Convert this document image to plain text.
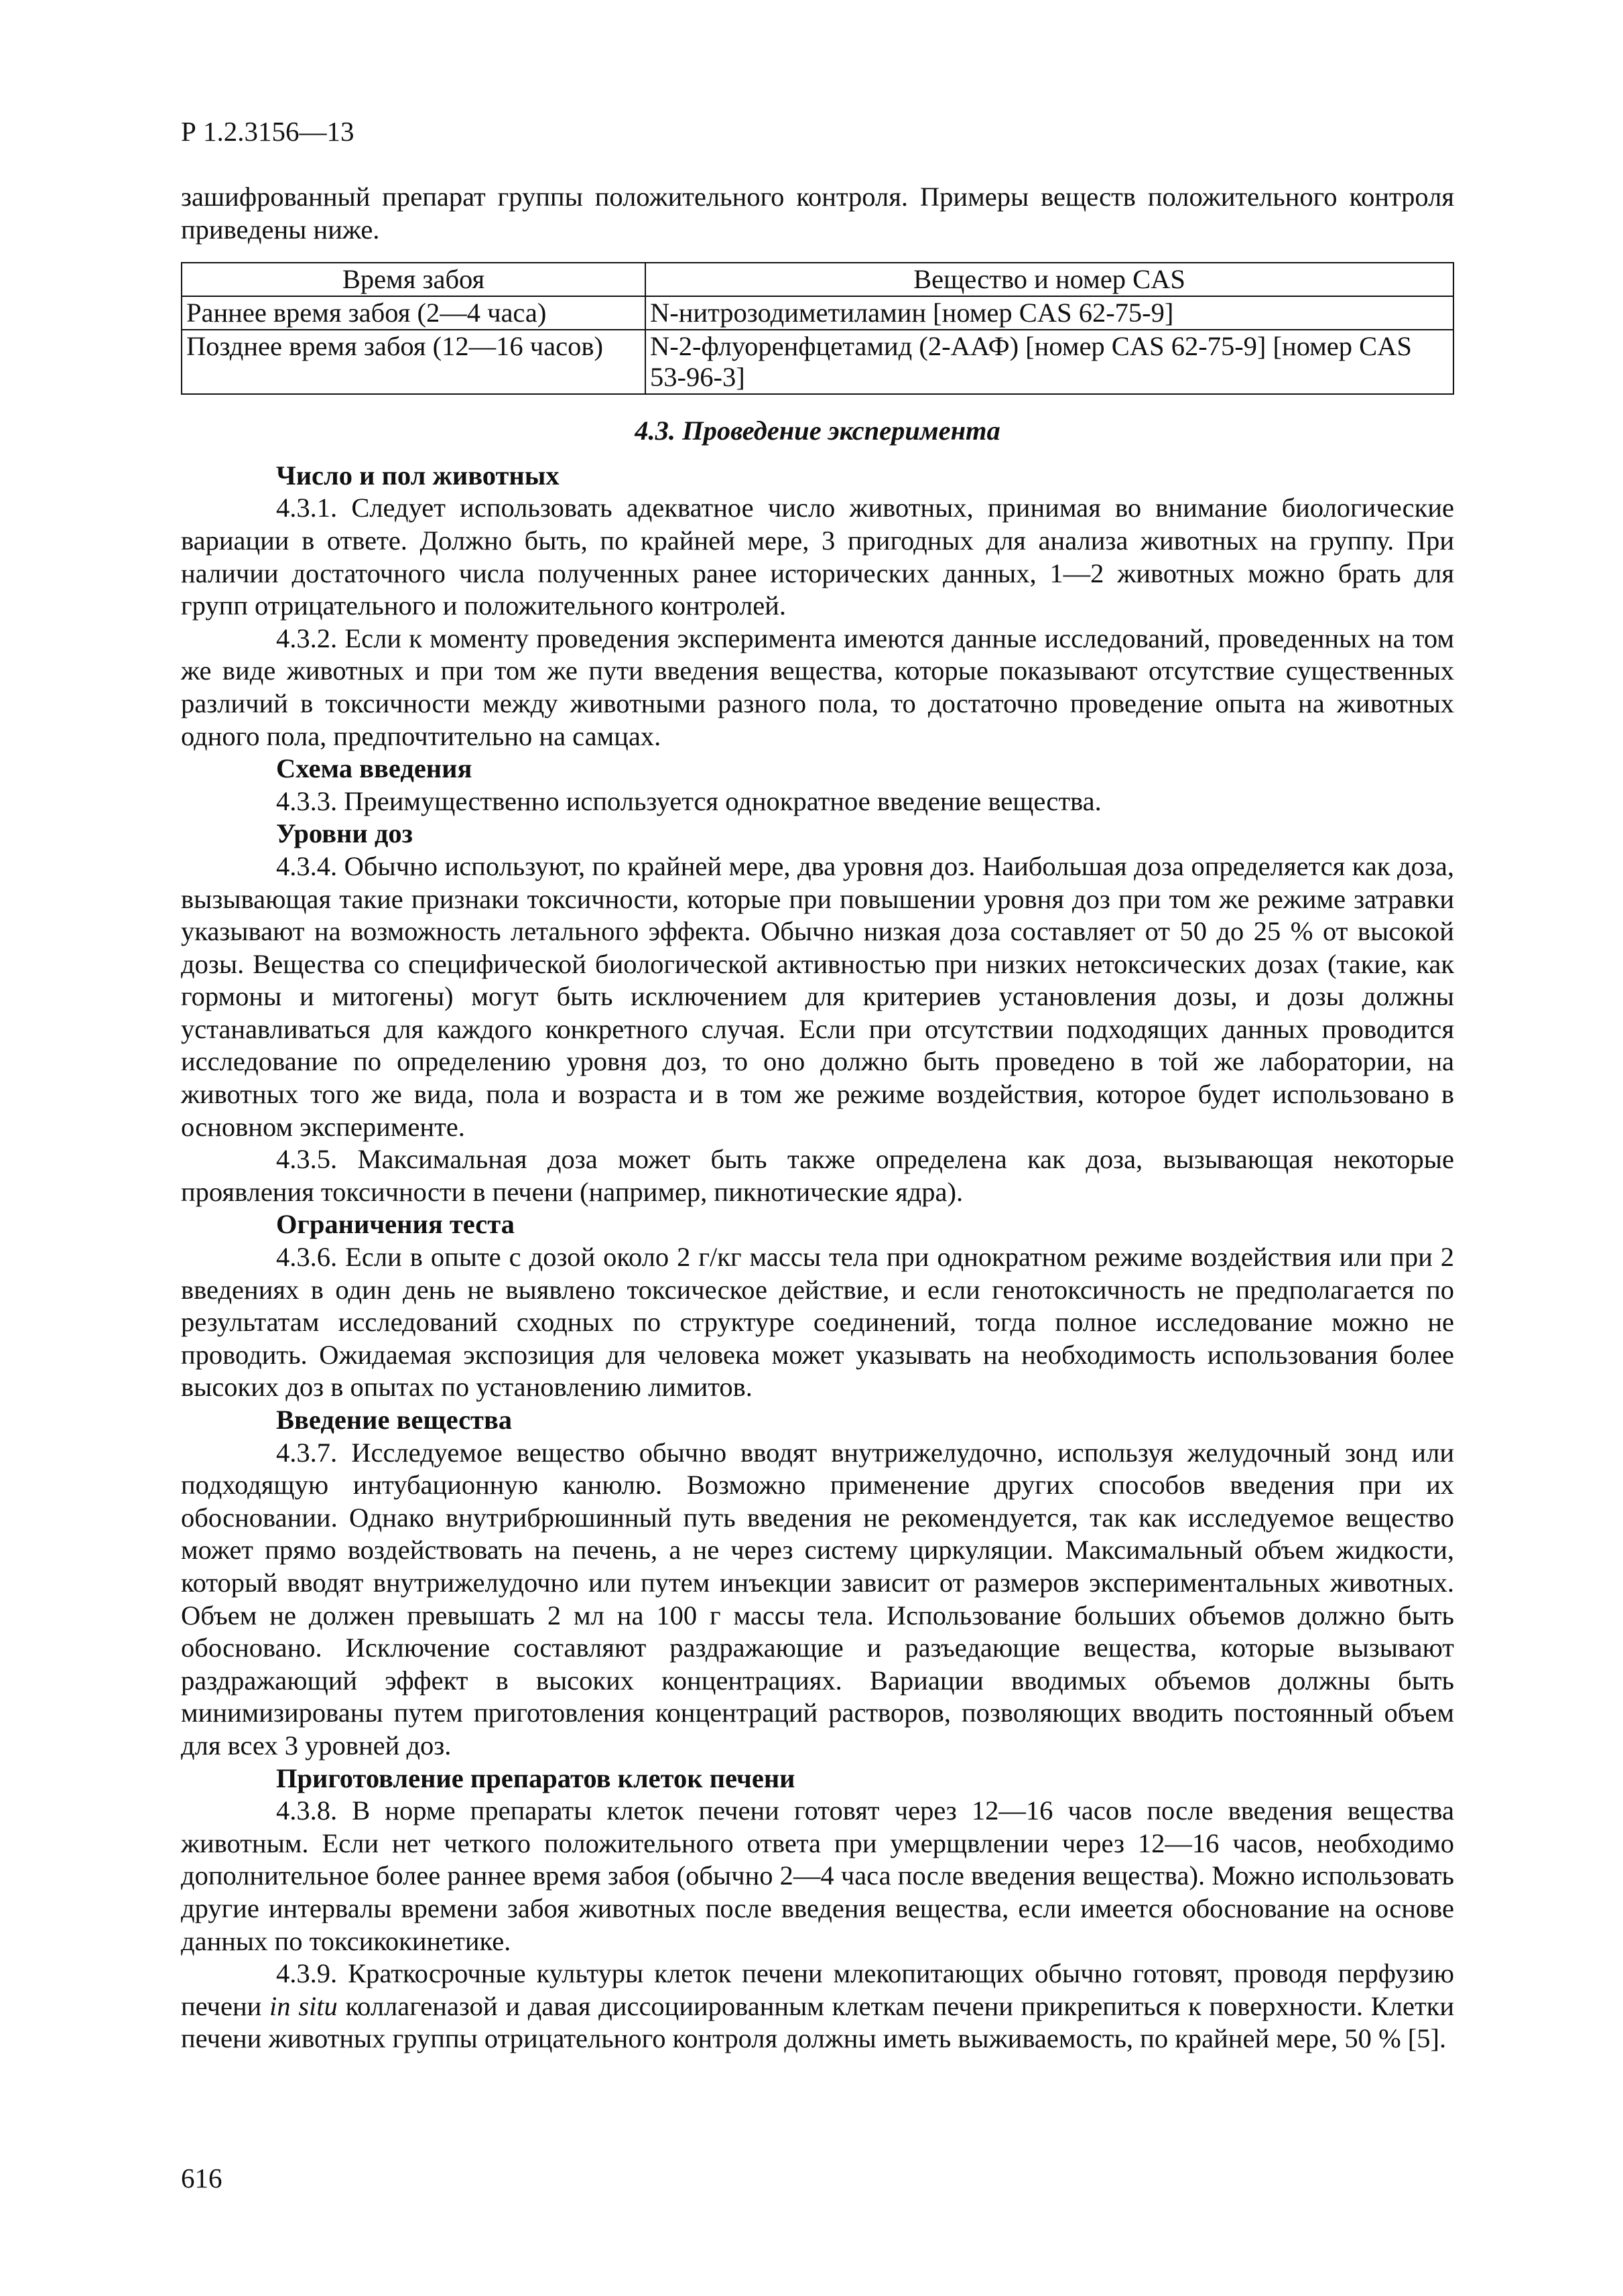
Р 1.2.3156—13

зашифрованный препарат группы положительного контроля. Примеры веществ положительного контроля приведены ниже.

Время забоя	Вещество и номер CAS
Раннее время забоя (2—4 часа)	N-нитрозодиметиламин [номер CAS 62-75-9]
Позднее время забоя (12—16 часов)	N-2-флуоренфцетамид (2-ААФ) [номер CAS 62-75-9] [номер CAS 53-96-3]

4.3. Проведение эксперимента

Число и пол животных

4.3.1. Следует использовать адекватное число животных, принимая во внимание биологические вариации в ответе. Должно быть, по крайней мере, 3 пригодных для анализа животных на группу. При наличии достаточного числа полученных ранее исторических данных, 1—2 животных можно брать для групп отрицательного и положительного контролей.

4.3.2. Если к моменту проведения эксперимента имеются данные исследований, проведенных на том же виде животных и при том же пути введения вещества, которые показывают отсутствие существенных различий в токсичности между животными разного пола, то достаточно проведение опыта на животных одного пола, предпочтительно на самцах.

Схема введения

4.3.3. Преимущественно используется однократное введение вещества.

Уровни доз

4.3.4. Обычно используют, по крайней мере, два уровня доз. Наибольшая доза определяется как доза, вызывающая такие признаки токсичности, которые при повышении уровня доз при том же режиме затравки указывают на возможность летального эффекта. Обычно низкая доза составляет от 50 до 25 % от высокой дозы. Вещества со специфической биологической активностью при низких нетоксических дозах (такие, как гормоны и митогены) могут быть исключением для критериев установления дозы, и дозы должны устанавливаться для каждого конкретного случая. Если при отсутствии подходящих данных проводится исследование по определению уровня доз, то оно должно быть проведено в той же лаборатории, на животных того же вида, пола и возраста и в том же режиме воздействия, которое будет использовано в основном эксперименте.

4.3.5. Максимальная доза может быть также определена как доза, вызывающая некоторые проявления токсичности в печени (например, пикнотические ядра).

Ограничения теста

4.3.6. Если в опыте с дозой около 2 г/кг массы тела при однократном режиме воздействия или при 2 введениях в один день не выявлено токсическое действие, и если генотоксичность не предполагается по результатам исследований сходных по структуре соединений, тогда полное исследование можно не проводить. Ожидаемая экспозиция для человека может указывать на необходимость использования более высоких доз в опытах по установлению лимитов.

Введение вещества

4.3.7. Исследуемое вещество обычно вводят внутрижелудочно, используя желудочный зонд или подходящую интубационную канюлю. Возможно применение других способов введения при их обосновании. Однако внутрибрюшинный путь введения не рекомендуется, так как исследуемое вещество может прямо воздействовать на печень, а не через систему циркуляции. Максимальный объем жидкости, который вводят внутрижелудочно или путем инъекции зависит от размеров экспериментальных животных. Объем не должен превышать 2 мл на 100 г массы тела. Использование больших объемов должно быть обосновано. Исключение составляют раздражающие и разъедающие вещества, которые вызывают раздражающий эффект в высоких концентрациях. Вариации вводимых объемов должны быть минимизированы путем приготовления концентраций растворов, позволяющих вводить постоянный объем для всех 3 уровней доз.

Приготовление препаратов клеток печени

4.3.8. В норме препараты клеток печени готовят через 12—16 часов после введения вещества животным. Если нет четкого положительного ответа при умерщвлении через 12—16 часов, необходимо дополнительное более раннее время забоя (обычно 2—4 часа после введения вещества). Можно использовать другие интервалы времени забоя животных после введения вещества, если имеется обоснование на основе данных по токсикокинетике.

4.3.9. Краткосрочные культуры клеток печени млекопитающих обычно готовят, проводя перфузию печени in situ коллагеназой и давая диссоциированным клеткам печени прикрепиться к поверхности. Клетки печени животных группы отрицательного контроля должны иметь выживаемость, по крайней мере, 50 % [5].

616
